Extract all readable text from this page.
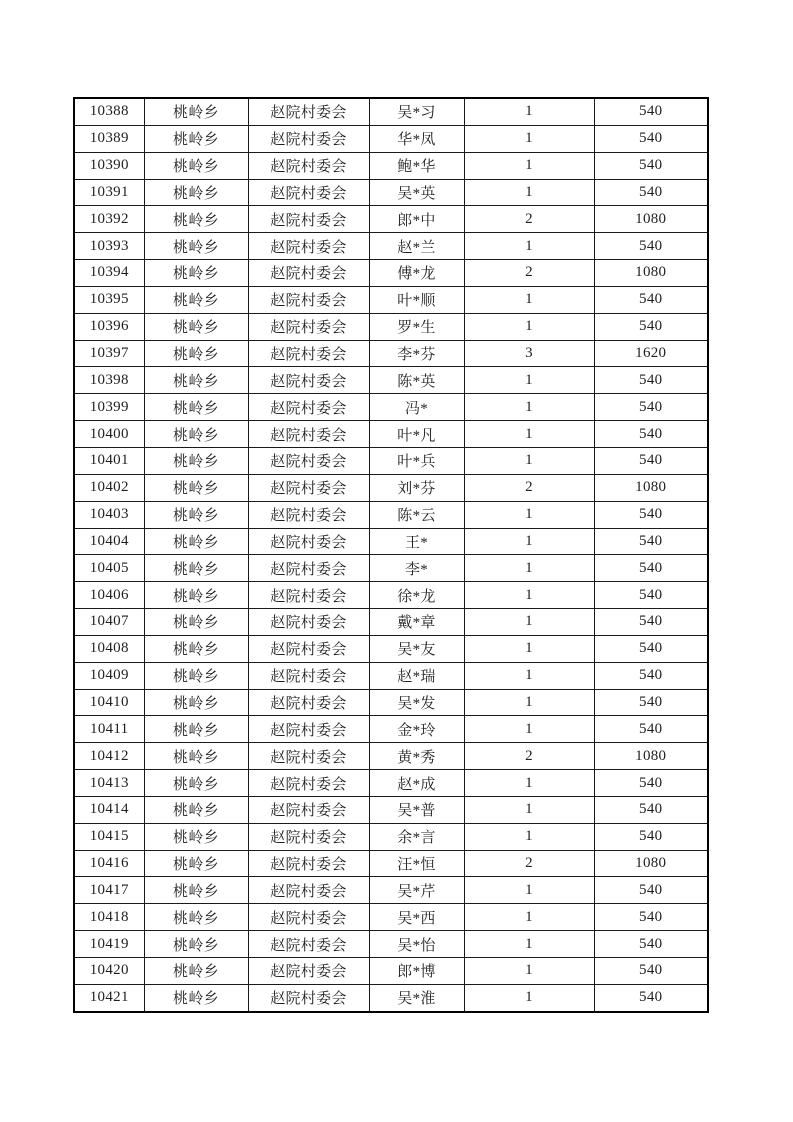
10388	桃岭乡	赵院村委会	吴*习	1	540
10389	桃岭乡	赵院村委会	华*凤	1	540
10390	桃岭乡	赵院村委会	鲍*华	1	540
10391	桃岭乡	赵院村委会	吴*英	1	540
10392	桃岭乡	赵院村委会	郎*中	2	1080
10393	桃岭乡	赵院村委会	赵*兰	1	540
10394	桃岭乡	赵院村委会	傅*龙	2	1080
10395	桃岭乡	赵院村委会	叶*顺	1	540
10396	桃岭乡	赵院村委会	罗*生	1	540
10397	桃岭乡	赵院村委会	李*芬	3	1620
10398	桃岭乡	赵院村委会	陈*英	1	540
10399	桃岭乡	赵院村委会	冯*	1	540
10400	桃岭乡	赵院村委会	叶*凡	1	540
10401	桃岭乡	赵院村委会	叶*兵	1	540
10402	桃岭乡	赵院村委会	刘*芬	2	1080
10403	桃岭乡	赵院村委会	陈*云	1	540
10404	桃岭乡	赵院村委会	王*	1	540
10405	桃岭乡	赵院村委会	李*	1	540
10406	桃岭乡	赵院村委会	徐*龙	1	540
10407	桃岭乡	赵院村委会	戴*章	1	540
10408	桃岭乡	赵院村委会	吴*友	1	540
10409	桃岭乡	赵院村委会	赵*瑞	1	540
10410	桃岭乡	赵院村委会	吴*发	1	540
10411	桃岭乡	赵院村委会	金*玲	1	540
10412	桃岭乡	赵院村委会	黄*秀	2	1080
10413	桃岭乡	赵院村委会	赵*成	1	540
10414	桃岭乡	赵院村委会	吴*普	1	540
10415	桃岭乡	赵院村委会	余*言	1	540
10416	桃岭乡	赵院村委会	汪*恒	2	1080
10417	桃岭乡	赵院村委会	吴*芹	1	540
10418	桃岭乡	赵院村委会	吴*西	1	540
10419	桃岭乡	赵院村委会	吴*怡	1	540
10420	桃岭乡	赵院村委会	郎*博	1	540
10421	桃岭乡	赵院村委会	吴*淮	1	540
